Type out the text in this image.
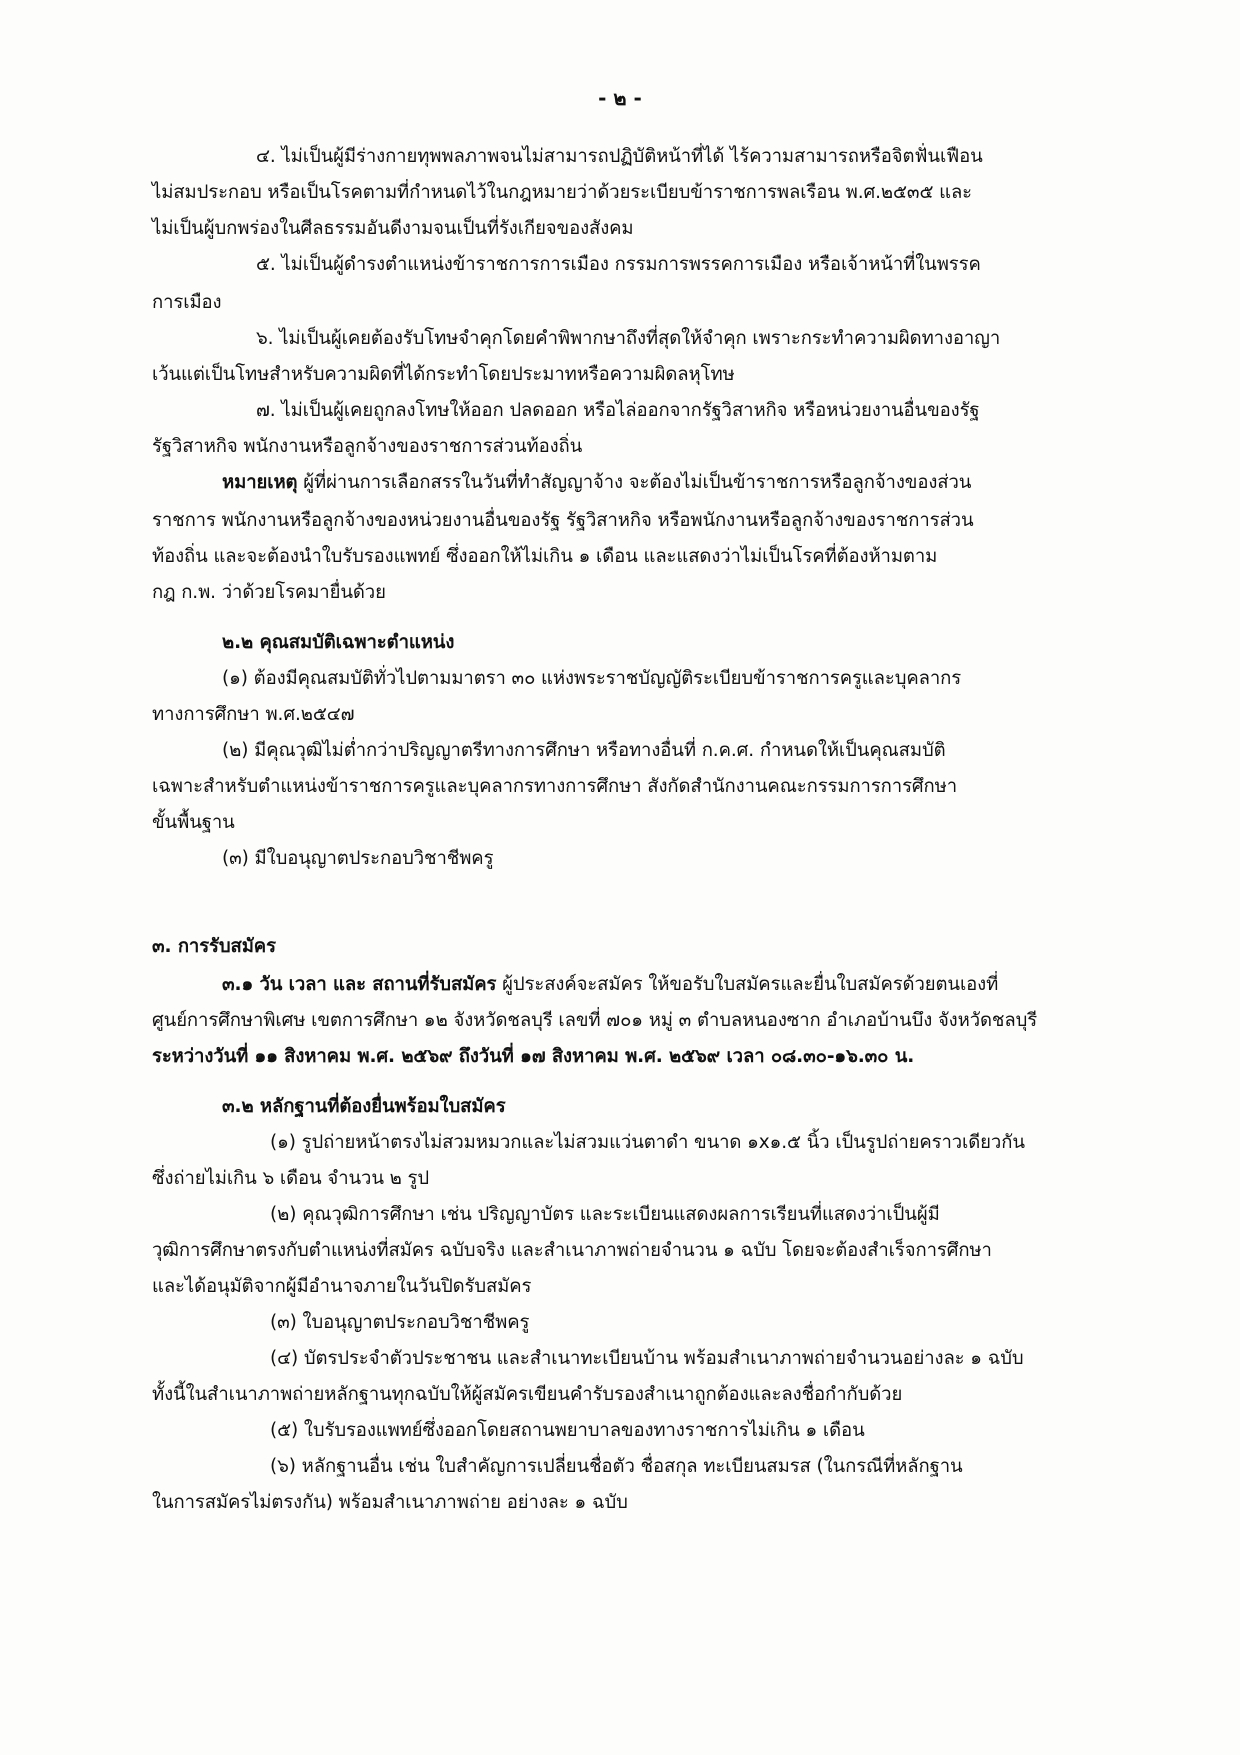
- ๒ -
๔. ไม่เป็นผู้มีร่างกายทุพพลภาพจนไม่สามารถปฏิบัติหน้าที่ได้ ไร้ความสามารถหรือจิตฟั่นเฟือน
ไม่สมประกอบ หรือเป็นโรคตามที่กำหนดไว้ในกฎหมายว่าด้วยระเบียบข้าราชการพลเรือน พ.ศ.๒๕๓๕ และ
ไม่เป็นผู้บกพร่องในศีลธรรมอันดีงามจนเป็นที่รังเกียจของสังคม
๕. ไม่เป็นผู้ดำรงตำแหน่งข้าราชการการเมือง กรรมการพรรคการเมือง หรือเจ้าหน้าที่ในพรรค
การเมือง
๖. ไม่เป็นผู้เคยต้องรับโทษจำคุกโดยคำพิพากษาถึงที่สุดให้จำคุก เพราะกระทำความผิดทางอาญา
เว้นแต่เป็นโทษสำหรับความผิดที่ได้กระทำโดยประมาทหรือความผิดลหุโทษ
๗. ไม่เป็นผู้เคยถูกลงโทษให้ออก ปลดออก หรือไล่ออกจากรัฐวิสาหกิจ หรือหน่วยงานอื่นของรัฐ
รัฐวิสาหกิจ พนักงานหรือลูกจ้างของราชการส่วนท้องถิ่น
หมายเหตุ ผู้ที่ผ่านการเลือกสรรในวันที่ทำสัญญาจ้าง จะต้องไม่เป็นข้าราชการหรือลูกจ้างของส่วน
ราชการ พนักงานหรือลูกจ้างของหน่วยงานอื่นของรัฐ รัฐวิสาหกิจ หรือพนักงานหรือลูกจ้างของราชการส่วน
ท้องถิ่น และจะต้องนำใบรับรองแพทย์ ซึ่งออกให้ไม่เกิน ๑ เดือน และแสดงว่าไม่เป็นโรคที่ต้องห้ามตาม
กฎ ก.พ. ว่าด้วยโรคมายื่นด้วย
๒.๒ คุณสมบัติเฉพาะตำแหน่ง
(๑) ต้องมีคุณสมบัติทั่วไปตามมาตรา ๓๐ แห่งพระราชบัญญัติระเบียบข้าราชการครูและบุคลากร
ทางการศึกษา พ.ศ.๒๕๔๗
(๒) มีคุณวุฒิไม่ต่ำกว่าปริญญาตรีทางการศึกษา หรือทางอื่นที่ ก.ค.ศ. กำหนดให้เป็นคุณสมบัติ
เฉพาะสำหรับตำแหน่งข้าราชการครูและบุคลากรทางการศึกษา สังกัดสำนักงานคณะกรรมการการศึกษา
ขั้นพื้นฐาน
(๓) มีใบอนุญาตประกอบวิชาชีพครู
๓. การรับสมัคร
๓.๑ วัน เวลา และ สถานที่รับสมัคร ผู้ประสงค์จะสมัคร ให้ขอรับใบสมัครและยื่นใบสมัครด้วยตนเองที่
ศูนย์การศึกษาพิเศษ เขตการศึกษา ๑๒ จังหวัดชลบุรี เลขที่ ๗๐๑ หมู่ ๓ ตำบลหนองซาก อำเภอบ้านบึง จังหวัดชลบุรี
ระหว่างวันที่ ๑๑ สิงหาคม พ.ศ. ๒๕๖๙ ถึงวันที่ ๑๗ สิงหาคม พ.ศ. ๒๕๖๙ เวลา ๐๘.๓๐-๑๖.๓๐ น.
๓.๒ หลักฐานที่ต้องยื่นพร้อมใบสมัคร
(๑) รูปถ่ายหน้าตรงไม่สวมหมวกและไม่สวมแว่นตาดำ ขนาด ๑x๑.๕ นิ้ว เป็นรูปถ่ายคราวเดียวกัน
ซึ่งถ่ายไม่เกิน ๖ เดือน จำนวน ๒ รูป
(๒) คุณวุฒิการศึกษา เช่น ปริญญาบัตร และระเบียนแสดงผลการเรียนที่แสดงว่าเป็นผู้มี
วุฒิการศึกษาตรงกับตำแหน่งที่สมัคร ฉบับจริง และสำเนาภาพถ่ายจำนวน ๑ ฉบับ โดยจะต้องสำเร็จการศึกษา
และได้อนุมัติจากผู้มีอำนาจภายในวันปิดรับสมัคร
(๓) ใบอนุญาตประกอบวิชาชีพครู
(๔) บัตรประจำตัวประชาชน และสำเนาทะเบียนบ้าน พร้อมสำเนาภาพถ่ายจำนวนอย่างละ ๑ ฉบับ
ทั้งนี้ในสำเนาภาพถ่ายหลักฐานทุกฉบับให้ผู้สมัครเขียนคำรับรองสำเนาถูกต้องและลงชื่อกำกับด้วย
(๕) ใบรับรองแพทย์ซึ่งออกโดยสถานพยาบาลของทางราชการไม่เกิน ๑ เดือน
(๖) หลักฐานอื่น เช่น ใบสำคัญการเปลี่ยนชื่อตัว ชื่อสกุล ทะเบียนสมรส (ในกรณีที่หลักฐาน
ในการสมัครไม่ตรงกัน) พร้อมสำเนาภาพถ่าย อย่างละ ๑ ฉบับ
